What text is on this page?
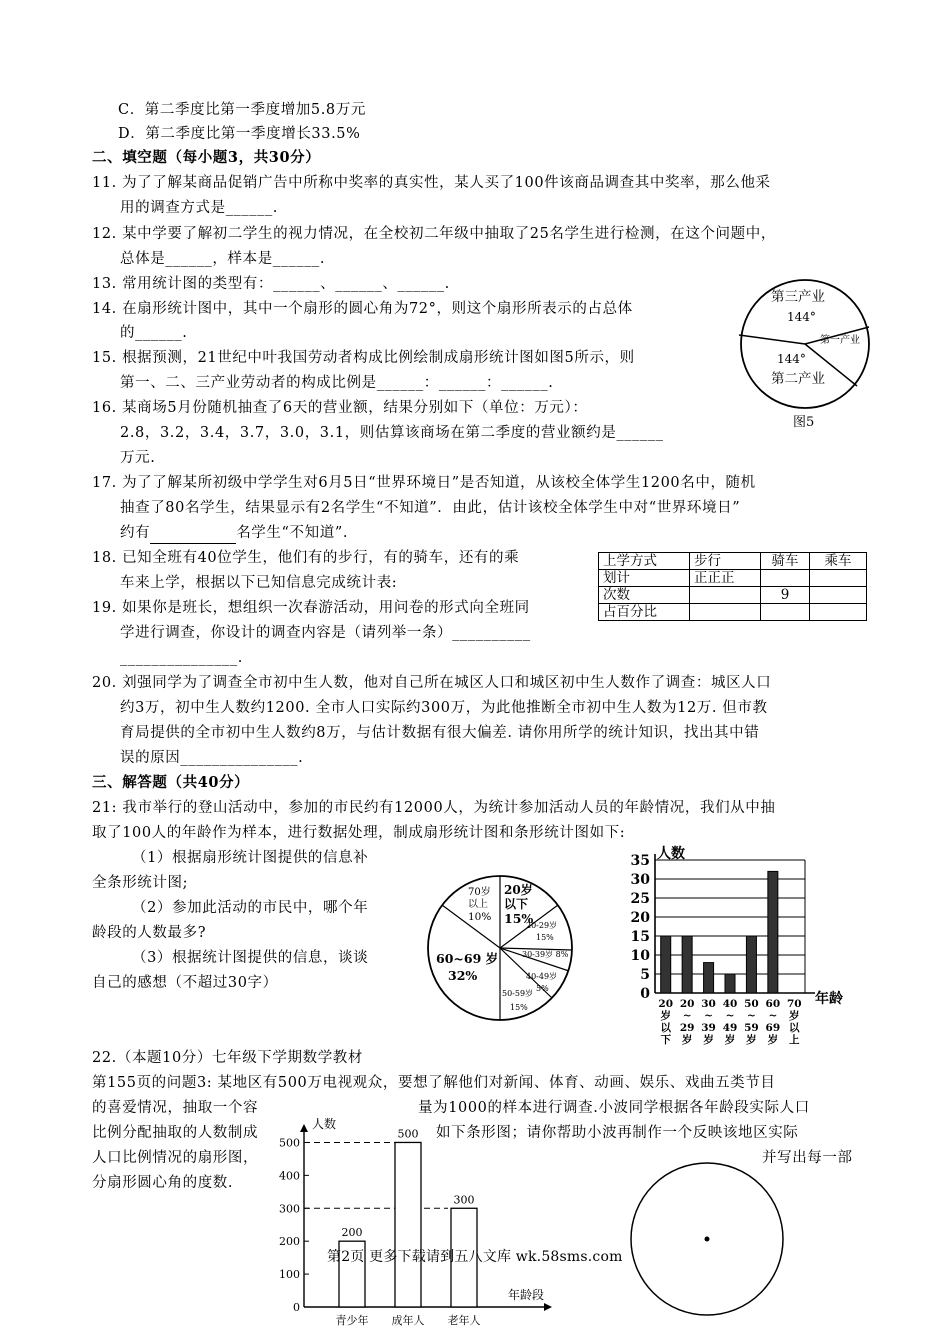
C．第二季度比第一季度增加5.8万元
D．第二季度比第一季度增长33.5%
二、填空题（每小题3，共30分）
11. 为了了解某商品促销广告中所称中奖率的真实性，某人买了100件该商品调查其中奖率，那么他采
用的调查方式是______.
12. 某中学要了解初二学生的视力情况，在全校初二年级中抽取了25名学生进行检测，在这个问题中，
总体是______，样本是______.
13. 常用统计图的类型有：______、______、______.
14. 在扇形统计图中，其中一个扇形的圆心角为72°，则这个扇形所表示的占总体
的______.
15. 根据预测，21世纪中叶我国劳动者构成比例绘制成扇形统计图如图5所示，则
第一、二、三产业劳动者的构成比例是______：______：______.
16. 某商场5月份随机抽查了6天的营业额，结果分别如下（单位：万元）：
2.8，3.2，3.4，3.7，3.0，3.1，则估算该商场在第二季度的营业额约是______
万元.
17. 为了了解某所初级中学学生对6月5日“世界环境日”是否知道，从该校全体学生1200名中，随机
抽查了80名学生，结果显示有2名学生“不知道”．由此，估计该校全体学生中对“世界环境日”
约有	名学生“不知道”.
18. 已知全班有40位学生，他们有的步行，有的骑车，还有的乘
车来上学，根据以下已知信息完成统计表:
19. 如果你是班长，想组织一次春游活动，用问卷的形式向全班同
学进行调查，你设计的调查内容是（请列举一条）__________
_______________.
20. 刘强同学为了调查全市初中生人数，他对自己所在城区人口和城区初中生人数作了调查：城区人口
约3万，初中生人数约1200. 全市人口实际约300万，为此他推断全市初中生人数为12万. 但市教
育局提供的全市初中生人数约8万，与估计数据有很大偏差. 请你用所学的统计知识，找出其中错
误的原因_______________.
三、解答题（共40分）
21: 我市举行的登山活动中，参加的市民约有12000人，为统计参加活动人员的年龄情况，我们从中抽
取了100人的年龄作为样本，进行数据处理，制成扇形统计图和条形统计图如下:
（1）根据扇形统计图提供的信息补
全条形统计图;
（2）参加此活动的市民中，哪个年
龄段的人数最多?
（3）根据统计图提供的信息，谈谈
自己的感想（不超过30字）
22.（本题10分）七年级下学期数学教材
第155页的问题3: 某地区有500万电视观众，要想了解他们对新闻、体育、动画、娱乐、戏曲五类节目
的喜爱情况，抽取一个容	量为1000的样本进行调查.小波同学根据各年龄段实际人口
比例分配抽取的人数制成	如下条形图；请你帮助小波再制作一个反映该地区实际
人口比例情况的扇形图，	并写出每一部
分扇形圆心角的度数.
第三产业
144°
第一产业
144°
第二产业
图5
上学方式	步行	骑车	乘车
划计	正正正		
次数		9	
占百分比			
70岁
以上
10%
20岁
以下
15%
20-29岁
15%
30-39岁 8%
40-49岁
5%
50-59岁
15%
60~69 岁
32%
人数
年龄
0
5
10
15
20
25
30
35
20
岁
以
下
20
~
29
岁
30
~
39
岁
40
~
49
岁
50
~
59
岁
60
~
69
岁
70
岁
以
上
人数
年龄段
0
100
200
300
400
500
200
青少年
500
成年人
300
老年人
第2页 更多下载请到五八文库 wk.58sms.com
